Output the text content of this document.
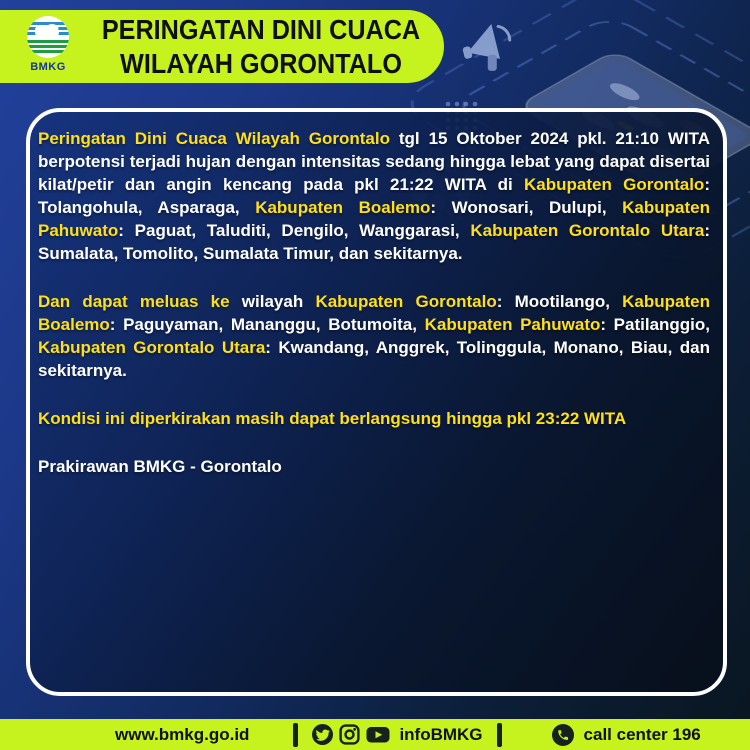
BMKG
PERINGATAN DINI CUACA
WILAYAH GORONTALO

Peringatan Dini Cuaca Wilayah Gorontalo tgl 15 Oktober 2024 pkl. 21:10 WITA berpotensi terjadi hujan dengan intensitas sedang hingga lebat yang dapat disertai kilat/petir dan angin kencang pada pkl 21:22 WITA di Kabupaten Gorontalo: Tolangohula, Asparaga, Kabupaten Boalemo: Wonosari, Dulupi, Kabupaten Pahuwato: Paguat, Taluditi, Dengilo, Wanggarasi, Kabupaten Gorontalo Utara: Sumalata, Tomolito, Sumalata Timur, dan sekitarnya.

Dan dapat meluas ke wilayah Kabupaten Gorontalo: Mootilango, Kabupaten Boalemo: Paguyaman, Mananggu, Botumoita, Kabupaten Pahuwato: Patilanggio, Kabupaten Gorontalo Utara: Kwandang, Anggrek, Tolinggula, Monano, Biau, dan sekitarnya.

Kondisi ini diperkirakan masih dapat berlangsung hingga pkl 23:22 WITA

Prakirawan BMKG - Gorontalo

www.bmkg.go.id	infoBMKG	call center 196
